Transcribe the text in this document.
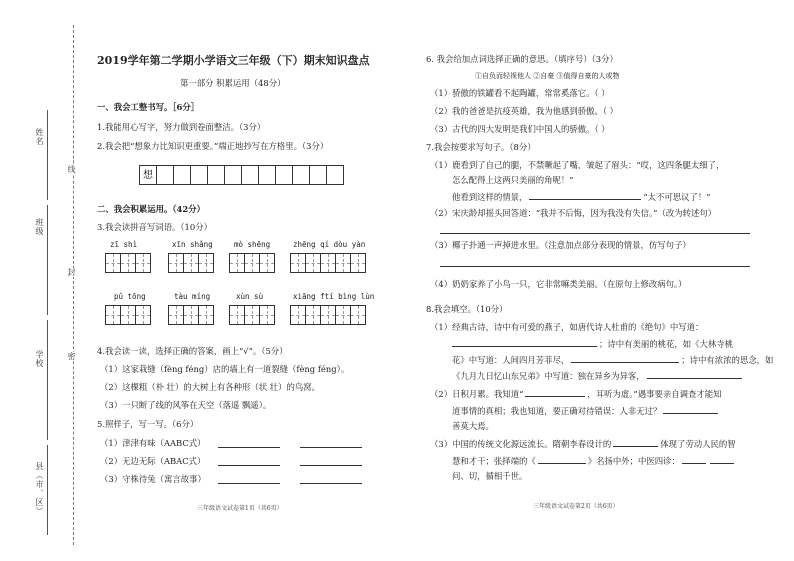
姓名
班级
学校
县（市、区）
线
封
密
2019学年第二学期小学语文三年级（下）期末知识盘点
第一部分 积累运用（48分）
一、我会工整书写。［6分］
1.我能用心写字，努力做到卷面整洁。（3分）
2.我会把“想象力比知识更重要。”端正地抄写在方格里。（3分）
想
二、我会积累运用。（42分）
3.我会读拼音写词语。（10分）
zī shì	xīn shǎng	mò shēng	zhēng qí dòu yàn
pǔ tōng	tàu míng	xùn sù	xiāng ftí bìng lùn
4.我会读一读，选择正确的答案，画上“√”。（5分）
（1）这家栽缝（fèng féng）店的墙上有一道裂缝（fèng féng）。
（2）这棵粗（朴 壮）的大树上有各种形（状 壮）的鸟窝。
（3）一只断了线的风筝在天空（落遥 飘遥）。
5.照样子，写一写。（6分）
（1）津津有味（AABC式）
（2）无边无际（ABAC式）
（3）守株待兔（寓言故事）
三年级语文试卷第1页（共6页）
6. 我会给加点词选择正确的意思。（填序号）（3分）
①自负而轻视他人 ②自豪 ③值得自豪的人或物
（1）骄傲的铁罐看不起陶罐，常常奚落它。（ ）
（2）我的爸爸是抗疫英雄，我为他感到骄傲。（ ）
（3）古代的四大发明是我们中国人的骄傲。（ ）
7.我会按要求写句子。（8分）
（1）鹿看到了自己的腿，不禁噘起了嘴，皱起了眉头：“哎，这四条腿太细了，
怎么配得上这两只美丽的角呢！”
他看到这样的情景，	“太不可思议了！”
（2）宋庆龄却摇头回答道：“我并不后悔，因为我没有失信。”（改为转述句）
（3）椰子扑通一声掉进水里。（注意加点部分表现的情景，仿写句子）
（4）奶奶家养了小鸟一只，它非常嘛类美丽。（在原句上修改病句。）
8.我会填空。（10分）
（1）经典古诗，诗中有可爱的燕子，如唐代诗人杜甫的《绝句》中写道：
；诗中有美丽的桃花，如《大林寺桃
花》中写道：人间四月芳菲尽，	；诗中有浓浓的思念，如
《九月九日忆山东兄弟》中写道：独在异乡为异客，
（2）日积月累。我知道“	，耳听为虚。”遇事要亲自调查才能知
道事情的真相；我也知道，要正确对待错误：人非无过？
善莫大焉。
（3）中国的传统文化源远流长。隋朝李春设计的	体现了劳动人民的智
慧和才干；张择端的《	》名扬中外；中医四诊：
问、切，循相千世。
三年级语文试卷第2页（共6页）
